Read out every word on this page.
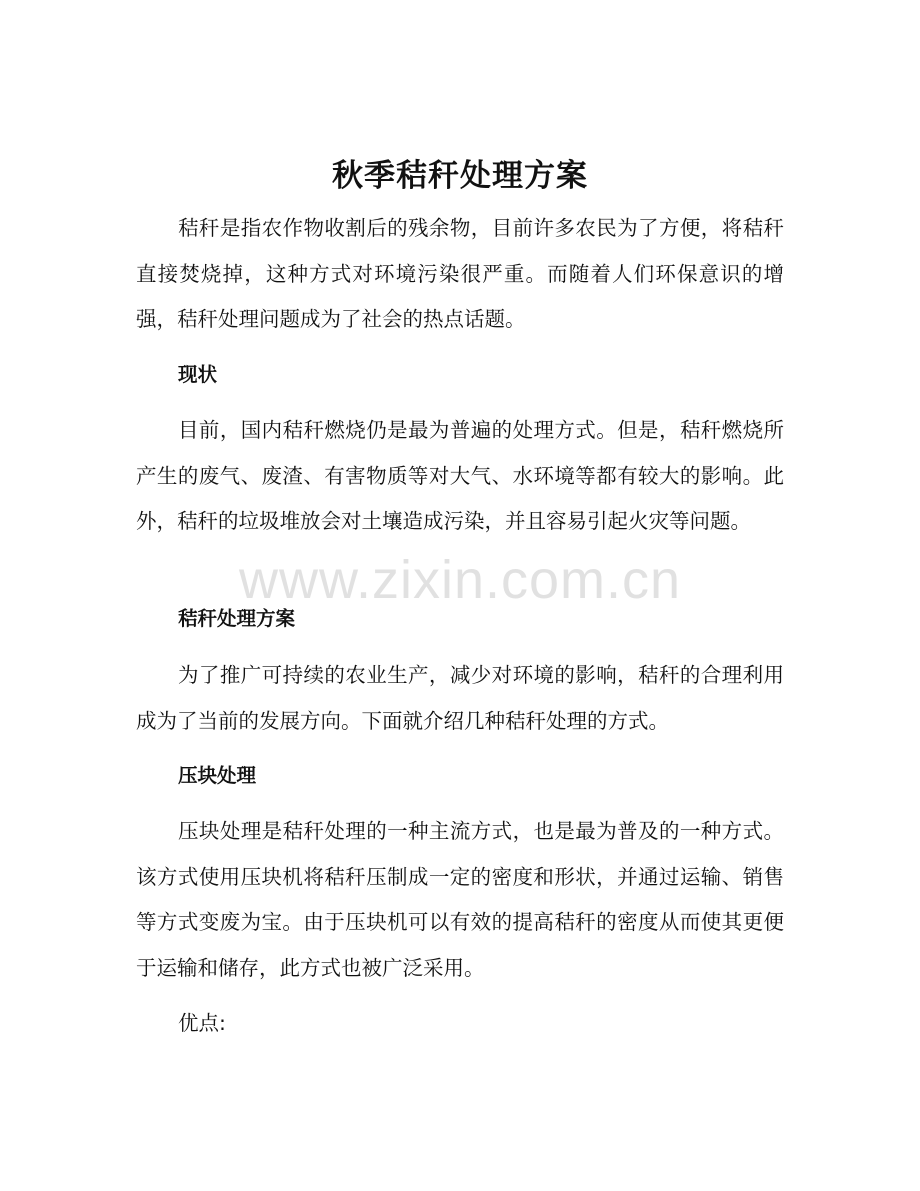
秋季秸秆处理方案
秸秆是指农作物收割后的残余物，目前许多农民为了方便，将秸秆直接焚烧掉，这种方式对环境污染很严重。而随着人们环保意识的增强，秸秆处理问题成为了社会的热点话题。
现状
目前，国内秸秆燃烧仍是最为普遍的处理方式。但是，秸秆燃烧所产生的废气、废渣、有害物质等对大气、水环境等都有较大的影响。此外，秸秆的垃圾堆放会对土壤造成污染，并且容易引起火灾等问题。
秸秆处理方案
为了推广可持续的农业生产，减少对环境的影响，秸秆的合理利用成为了当前的发展方向。下面就介绍几种秸秆处理的方式。
压块处理
压块处理是秸秆处理的一种主流方式，也是最为普及的一种方式。该方式使用压块机将秸秆压制成一定的密度和形状，并通过运输、销售等方式变废为宝。由于压块机可以有效的提高秸秆的密度从而使其更便于运输和储存，此方式也被广泛采用。
优点:
www.zixin.com.cn
